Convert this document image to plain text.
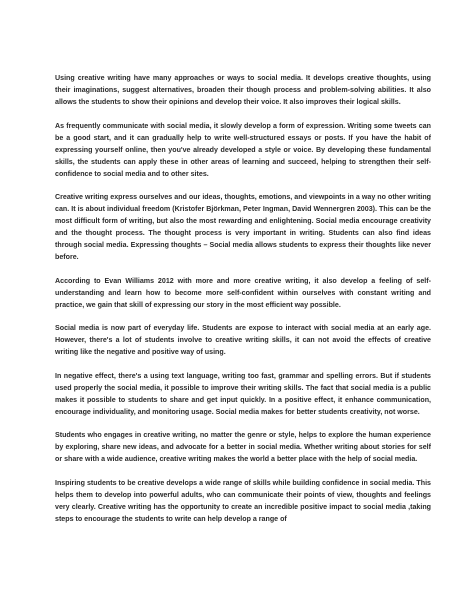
Using creative writing have many approaches or ways to social media. It develops creative thoughts, using their imaginations, suggest alternatives, broaden their though process and problem-solving abilities. It also allows the students to show their opinions and develop their voice. It also improves their logical skills.

As frequently communicate with social media, it slowly develop a form of expression. Writing some tweets can be a good start, and it can gradually help to write well-structured essays or posts. If you have the habit of expressing yourself online, then you've already developed a style or voice. By developing these fundamental skills, the students can apply these in other areas of learning and succeed, helping to strengthen their self-confidence to social media and to other sites.

Creative writing express ourselves and our ideas, thoughts, emotions, and viewpoints in a way no other writing can. It is about individual freedom (Kristofer Björkman, Peter Ingman, David Wennergren 2003). This can be the most difficult form of writing, but also the most rewarding and enlightening. Social media encourage creativity and the thought process. The thought process is very important in writing. Students can also find ideas through social media. Expressing thoughts – Social media allows students to express their thoughts like never before.

According to Evan Williams 2012 with more and more creative writing, it also develop a feeling of self-understanding and learn how to become more self-confident within ourselves with constant writing and practice, we gain that skill of expressing our story in the most efficient way possible.

Social media is now part of everyday life. Students are expose to interact with social media at an early age. However, there's a lot of students involve to creative writing skills, it can not avoid the effects of creative writing like the negative and positive way of using.

In negative effect, there's a using text language, writing too fast, grammar and spelling errors. But if students used properly the social media, it possible to improve their writing skills. The fact that social media is a public makes it possible to students to share and get input quickly. In a positive effect, it enhance communication, encourage individuality, and monitoring usage. Social media makes for better students creativity, not worse.

Students who engages in creative writing, no matter the genre or style, helps to explore the human experience by exploring, share new ideas, and advocate for a better in social media. Whether writing about stories for self or share with a wide audience, creative writing makes the world a better place with the help of social media.

Inspiring students to be creative develops a wide range of skills while building confidence in social media. This helps them to develop into powerful adults, who can communicate their points of view, thoughts and feelings very clearly. Creative writing has the opportunity to create an incredible positive impact to social media ,taking steps to encourage the students to write can help develop a range of
